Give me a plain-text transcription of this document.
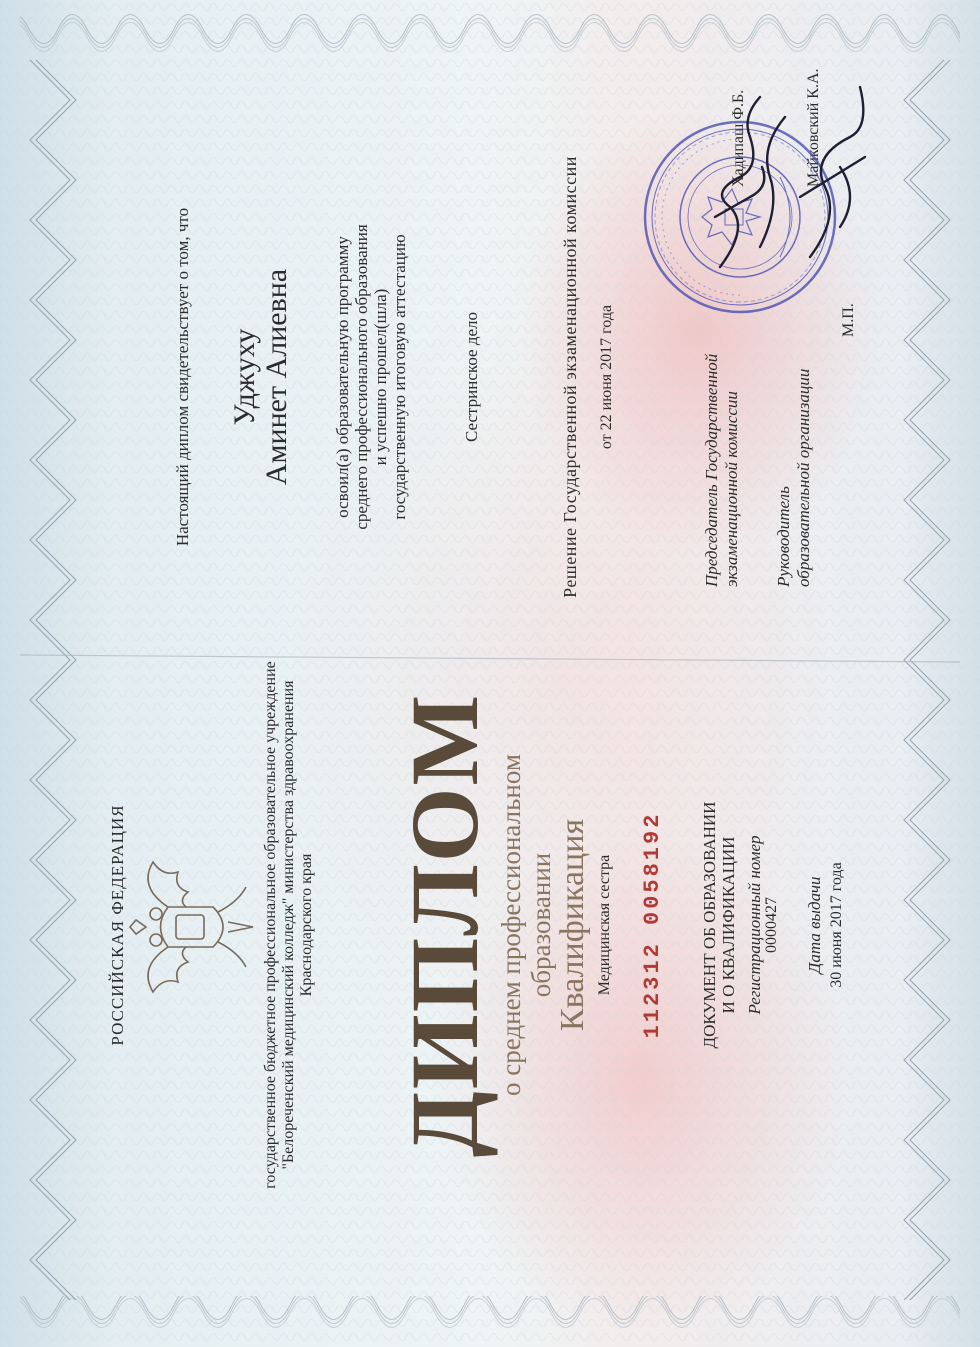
РОССИЙСКАЯ ФЕДЕРАЦИЯ	государственное бюджетное профессиональное образовательное учреждение "Белореченский медицинский колледж" министерства здравоохранения Краснодарского края ДИПЛОМ
о среднем профессиональном образовании
Квалификация Медицинская сестра 112312 0058192 ДОКУМЕНТ ОБ ОБРАЗОВАНИИ И О КВАЛИФИКАЦИИ Регистрационный номер 0000427 Дата выдачи 30 июня 2017 года
Настоящий диплом свидетельствует о том, что Уджуху Аминет Алиевна освоил(а) образовательную программу среднего профессионального образования и успешно прошел(шла) государственную итоговую аттестацию	Сестринское дело	Решение Государственной экзаменационной комиссии от 22 июня 2017 года	Председатель Государственной экзаменационной комиссии
Хадипаш Ф.Б.
Руководитель образовательной организации
Майковский К.А.
М.П.
